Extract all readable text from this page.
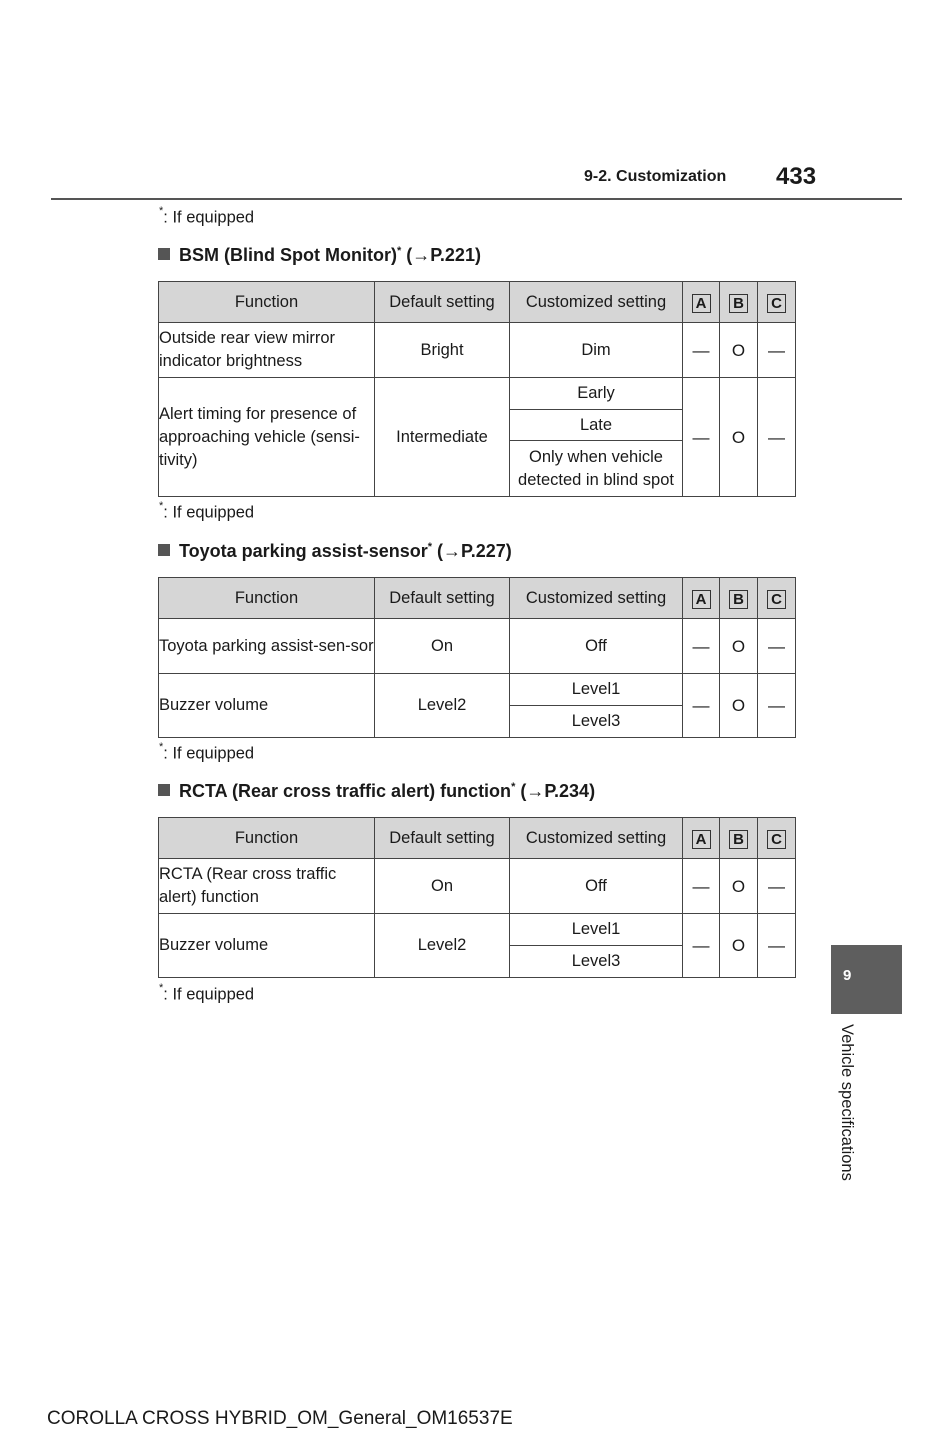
9-2. Customization 433
*: If equipped
BSM (Blind Spot Monitor)* (→P.221)
Function	Default setting	Customized setting	A	B	C
Outside rear view mirror indicator brightness	Bright	Dim	—	O	—
Alert timing for presence of approaching vehicle (sensi-tivity)	Intermediate	Early	—	O	—
		Late			
		Only when vehicle detected in blind spot			
*: If equipped
Toyota parking assist-sensor* (→P.227)
Function	Default setting	Customized setting	A	B	C
Toyota parking assist-sen-sor	On	Off	—	O	—
Buzzer volume	Level2	Level1	—	O	—
		Level3			
*: If equipped
RCTA (Rear cross traffic alert) function* (→P.234)
Function	Default setting	Customized setting	A	B	C
RCTA (Rear cross traffic alert) function	On	Off	—	O	—
Buzzer volume	Level2	Level1	—	O	—
		Level3			
*: If equipped
9
Vehicle specifications
COROLLA CROSS HYBRID_OM_General_OM16537E
